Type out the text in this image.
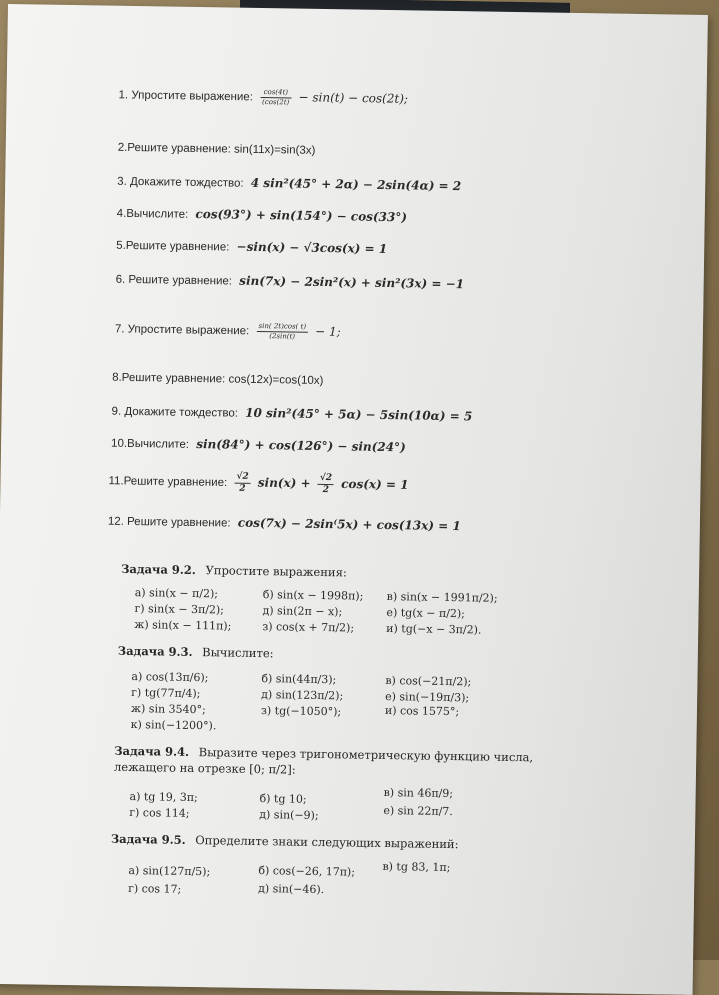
1. Упростите выражение: $\frac{\cos(4t)}{(\cos(2t)} - \sin(t) - \cos(2t)$;
2.Решите уравнение: sin(11x)=sin(3x)
3. Докажите тождество: 4 sin²(45° + 2α) − 2sin(4α) = 2
4.Вычислите: cos(93°) + sin(154°) − cos(33°)
5.Решите уравнение: −sin(x) − √3cos(x) = 1
6. Решите уравнение: sin(7x) − 2sin²(x) + sin²(3x) = −1
7. Упростите выражение: $\frac{\sin( 2t)\cos( t)}{(2\sin(t)} - 1$;
8.Решите уравнение: cos(12x)=cos(10x)
9. Докажите тождество: 10 sin²(45° + 5α) − 5sin(10α) = 5
10.Вычислите: sin(84°) + cos(126°) − sin(24°)
11.Решите уравнение: $\frac{√2}{2} \sin(x) + \frac{√2}{2} \cos(x) = 1$
12. Решите уравнение: cos(7x) − 2sin⁽5x) + cos(13x) = 1
Задача 9.2. Упростите выражения:
а) sin(x − π/2);	б) sin(x − 1998π); в) sin(x − 1991π/2);
г) sin(x − 3π/2);	д) sin(2π − x);	е) tg(x − π/2);
ж) sin(x − 111π);	з) cos(x + 7π/2);	и) tg(−x − 3π/2).
Задача 9.3. Вычислите:
а) cos(13π/6);	б) sin(44π/3);	в) cos(−21π/2);
г) tg(77π/4);	д) sin(123π/2);	е) sin(−19π/3);
ж) sin 3540°;	з) tg(−1050°);	и) cos 1575°;
к) sin(−1200°).
Задача 9.4. Выразите через тригонометрическую функцию числа,
лежащего на отрезке [0; π/2]:
а) tg 19, 3π;	б) tg 10;	в) sin 46π/9;
г) cos 114;	д) sin(−9);	е) sin 22π/7.
Задача 9.5. Определите знаки следующих выражений:
а) sin(127π/5);	б) cos(−26, 17π); в) tg 83, 1π;
г) cos 17;	д) sin(−46).
